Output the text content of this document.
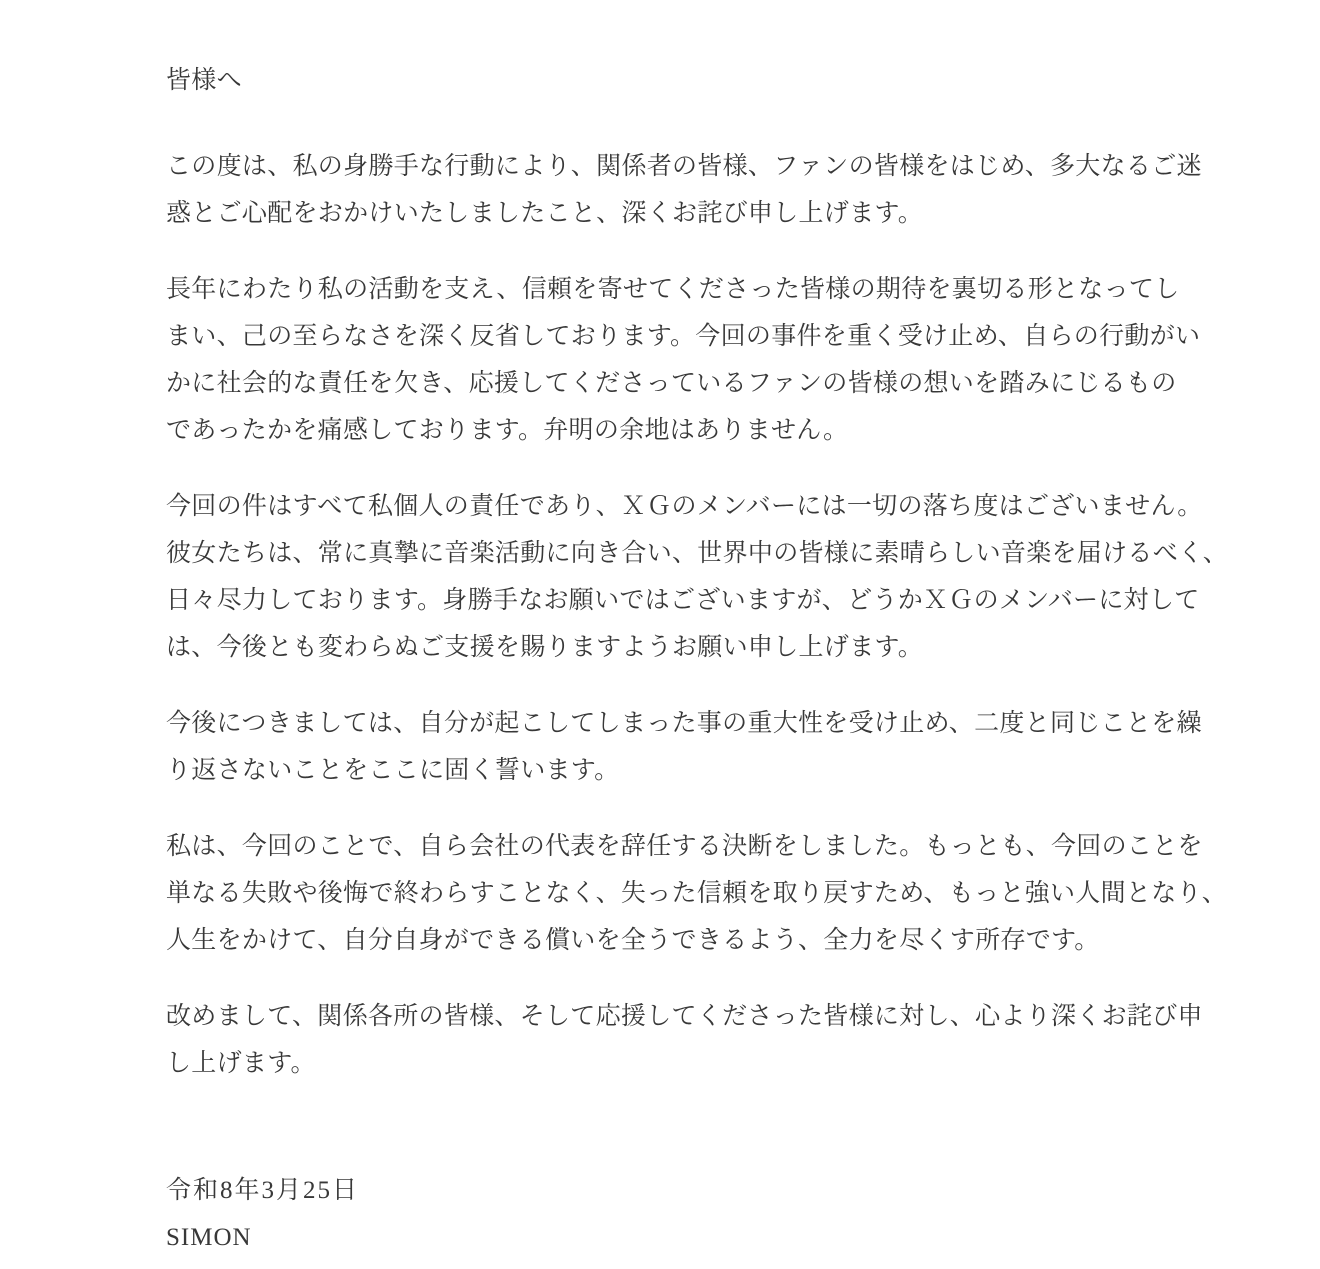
皆様へ
この度は、私の身勝手な行動により、関係者の皆様、ファンの皆様をはじめ、多大なるご迷
惑とご心配をおかけいたしましたこと、深くお詫び申し上げます。
長年にわたり私の活動を支え、信頼を寄せてくださった皆様の期待を裏切る形となってし
まい、己の至らなさを深く反省しております。今回の事件を重く受け止め、自らの行動がい
かに社会的な責任を欠き、応援してくださっているファンの皆様の想いを踏みにじるもの
であったかを痛感しております。弁明の余地はありません。
今回の件はすべて私個人の責任であり、ＸＧのメンバーには一切の落ち度はございません。
彼女たちは、常に真摯に音楽活動に向き合い、世界中の皆様に素晴らしい音楽を届けるべく、
日々尽力しております。身勝手なお願いではございますが、どうかＸＧのメンバーに対して
は、今後とも変わらぬご支援を賜りますようお願い申し上げます。
今後につきましては、自分が起こしてしまった事の重大性を受け止め、二度と同じことを繰
り返さないことをここに固く誓います。
私は、今回のことで、自ら会社の代表を辞任する決断をしました。もっとも、今回のことを
単なる失敗や後悔で終わらすことなく、失った信頼を取り戻すため、もっと強い人間となり、
人生をかけて、自分自身ができる償いを全うできるよう、全力を尽くす所存です。
改めまして、関係各所の皆様、そして応援してくださった皆様に対し、心より深くお詫び申
し上げます。
令和8年3月25日
SIMON
